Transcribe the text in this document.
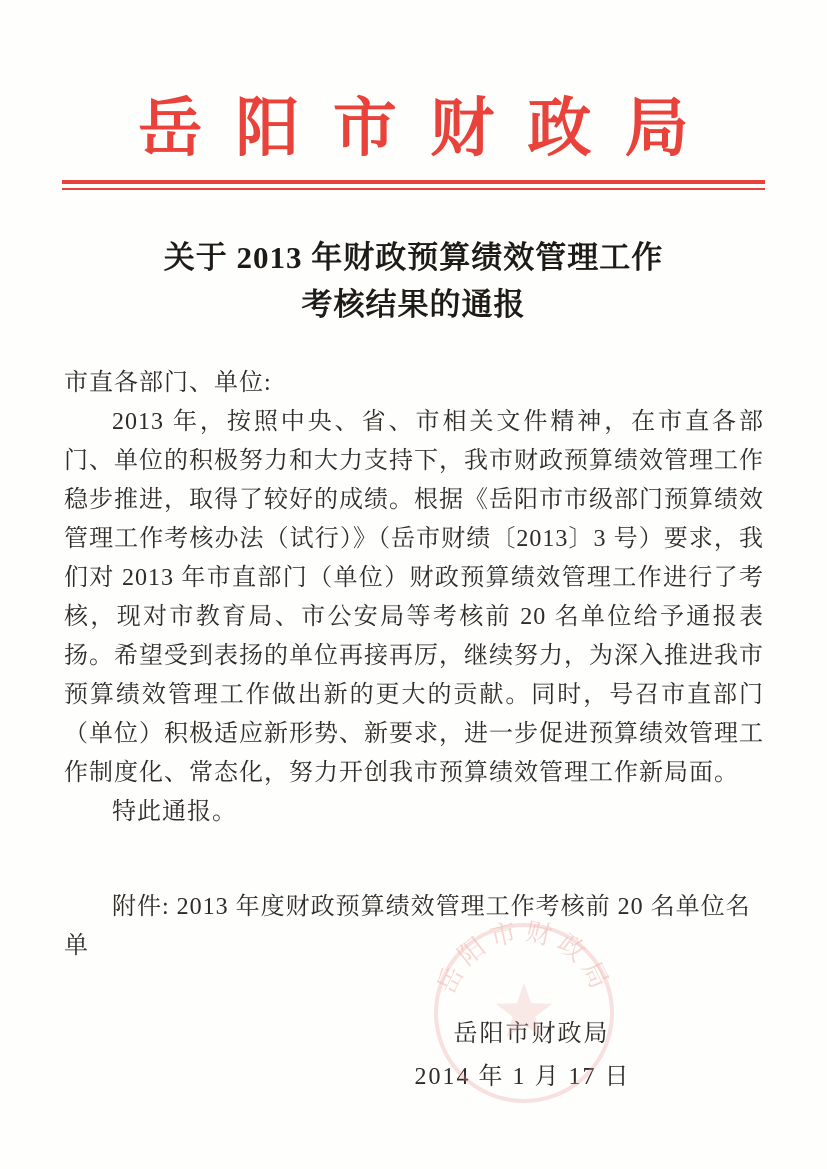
岳阳市财政局
关于 2013 年财政预算绩效管理工作
考核结果的通报
市直各部门、单位:

2013 年，按照中央、省、市相关文件精神，在市直各部门、单位的积极努力和大力支持下，我市财政预算绩效管理工作稳步推进，取得了较好的成绩。根据《岳阳市市级部门预算绩效管理工作考核办法（试行）》（岳市财绩〔2013〕3 号）要求，我们对 2013 年市直部门（单位）财政预算绩效管理工作进行了考核，现对市教育局、市公安局等考核前 20 名单位给予通报表扬。希望受到表扬的单位再接再厉，继续努力，为深入推进我市预算绩效管理工作做出新的更大的贡献。同时，号召市直部门（单位）积极适应新形势、新要求，进一步促进预算绩效管理工作制度化、常态化，努力开创我市预算绩效管理工作新局面。

特此通报。

附件: 2013 年度财政预算绩效管理工作考核前 20 名单位名单
岳阳市财政局
2014 年 1 月 17 日
岳阳市财政局
